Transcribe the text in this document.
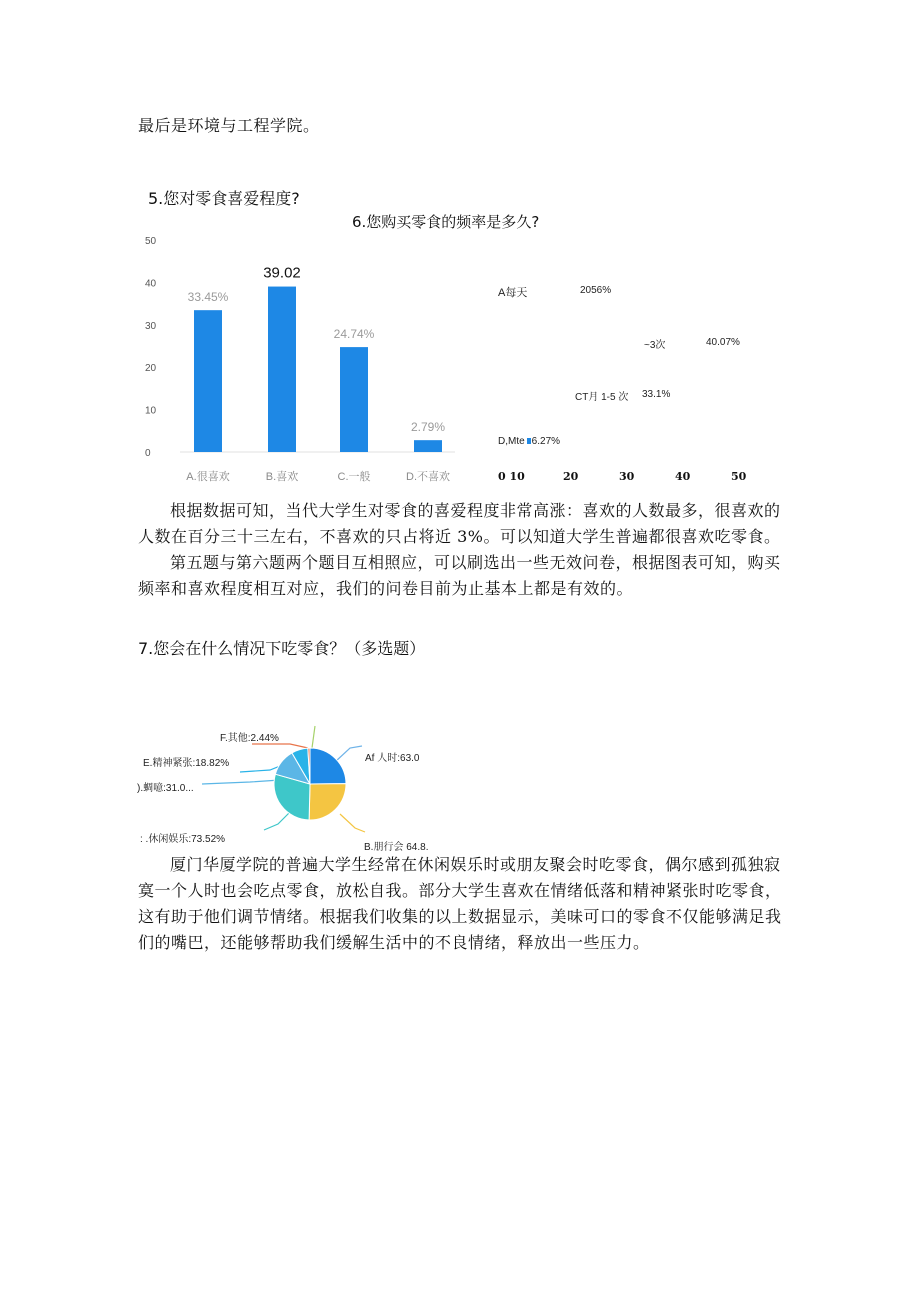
最后是环境与工程学院。
5.您对零食喜爱程度?
6.您购买零食的频率是多久?
0
10
20
30
40
50
33.45%
39.02
24.74%
2.79%
A.很喜欢	B.喜欢	C.一般	D.不喜欢
A每天	2056%
~3次	40.07%
CT月 1-5 次 33.1%
D,Mte 6.27%
0 10	20	30	40	50

根据数据可知，当代大学生对零食的喜爱程度非常高涨：喜欢的人数最多，很喜欢的人数在百分三十三左右，不喜欢的只占将近 3%。可以知道大学生普遍都很喜欢吃零食。

第五题与第六题两个题目互相照应，可以刷选出一些无效问卷，根据图表可知，购买频率和喜欢程度相互对应，我们的问卷目前为止基本上都是有效的。

7.您会在什么情况下吃零食？（多选题）
F.其他:2.44%
Af 人时:63.0
E.精神紧张:18.82%
).蜩噫:31.0...
: .休闲娱乐:73.52%
B.朋行会 64.8.

厦门华厦学院的普遍大学生经常在休闲娱乐时或朋友聚会时吃零食，偶尔感到孤独寂寞一个人时也会吃点零食，放松自我。部分大学生喜欢在情绪低落和精神紧张时吃零食，这有助于他们调节情绪。根据我们收集的以上数据显示，美味可口的零食不仅能够满足我们的嘴巴，还能够帮助我们缓解生活中的不良情绪，释放出一些压力。
